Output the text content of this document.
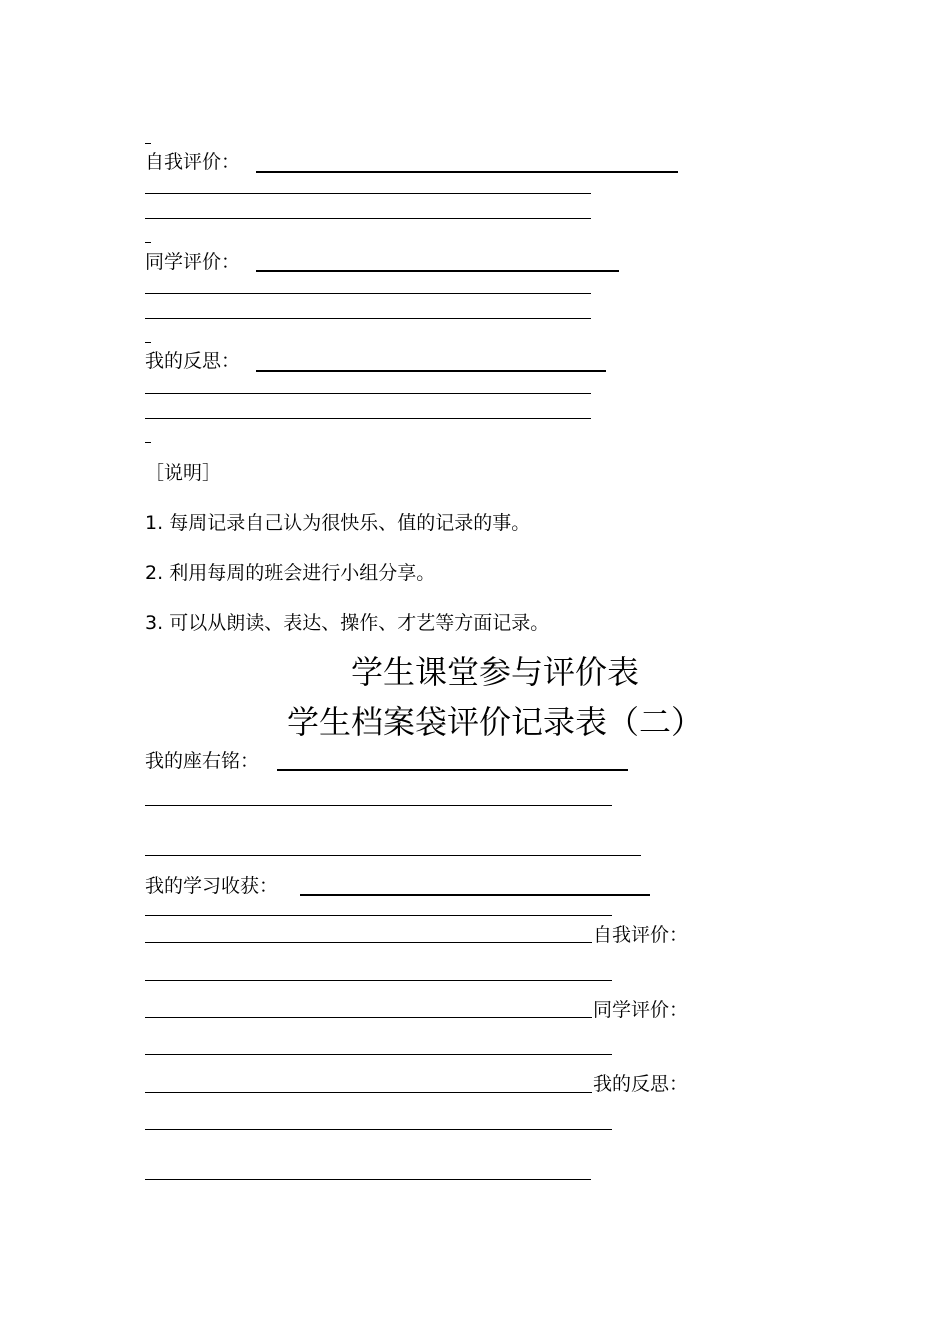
自我评价：
同学评价：
我的反思：
［说明］
1. 每周记录自己认为很快乐、值的记录的事。
2. 利用每周的班会进行小组分享。
3. 可以从朗读、表达、操作、才艺等方面记录。
学生课堂参与评价表
学生档案袋评价记录表（二）
我的座右铭：
我的学习收获：
自我评价：
同学评价：
我的反思：
